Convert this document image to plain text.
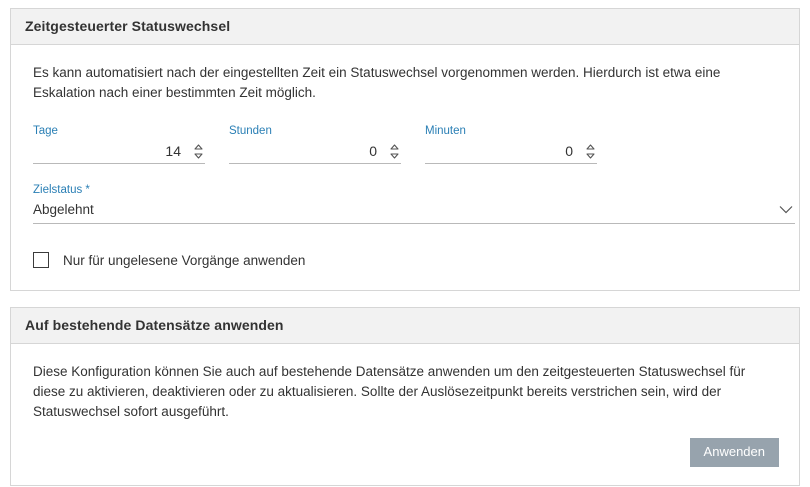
Zeitgesteuerter Statuswechsel
Es kann automatisiert nach der eingestellten Zeit ein Statuswechsel vorgenommen werden. Hierdurch ist etwa eine Eskalation nach einer bestimmten Zeit möglich.
Tage
14
Stunden
0
Minuten
0
Zielstatus *
Abgelehnt
Nur für ungelesene Vorgänge anwenden
Auf bestehende Datensätze anwenden
Diese Konfiguration können Sie auch auf bestehende Datensätze anwenden um den zeitgesteuerten Statuswechsel für diese zu aktivieren, deaktivieren oder zu aktualisieren. Sollte der Auslösezeitpunkt bereits verstrichen sein, wird der Statuswechsel sofort ausgeführt.
Anwenden
